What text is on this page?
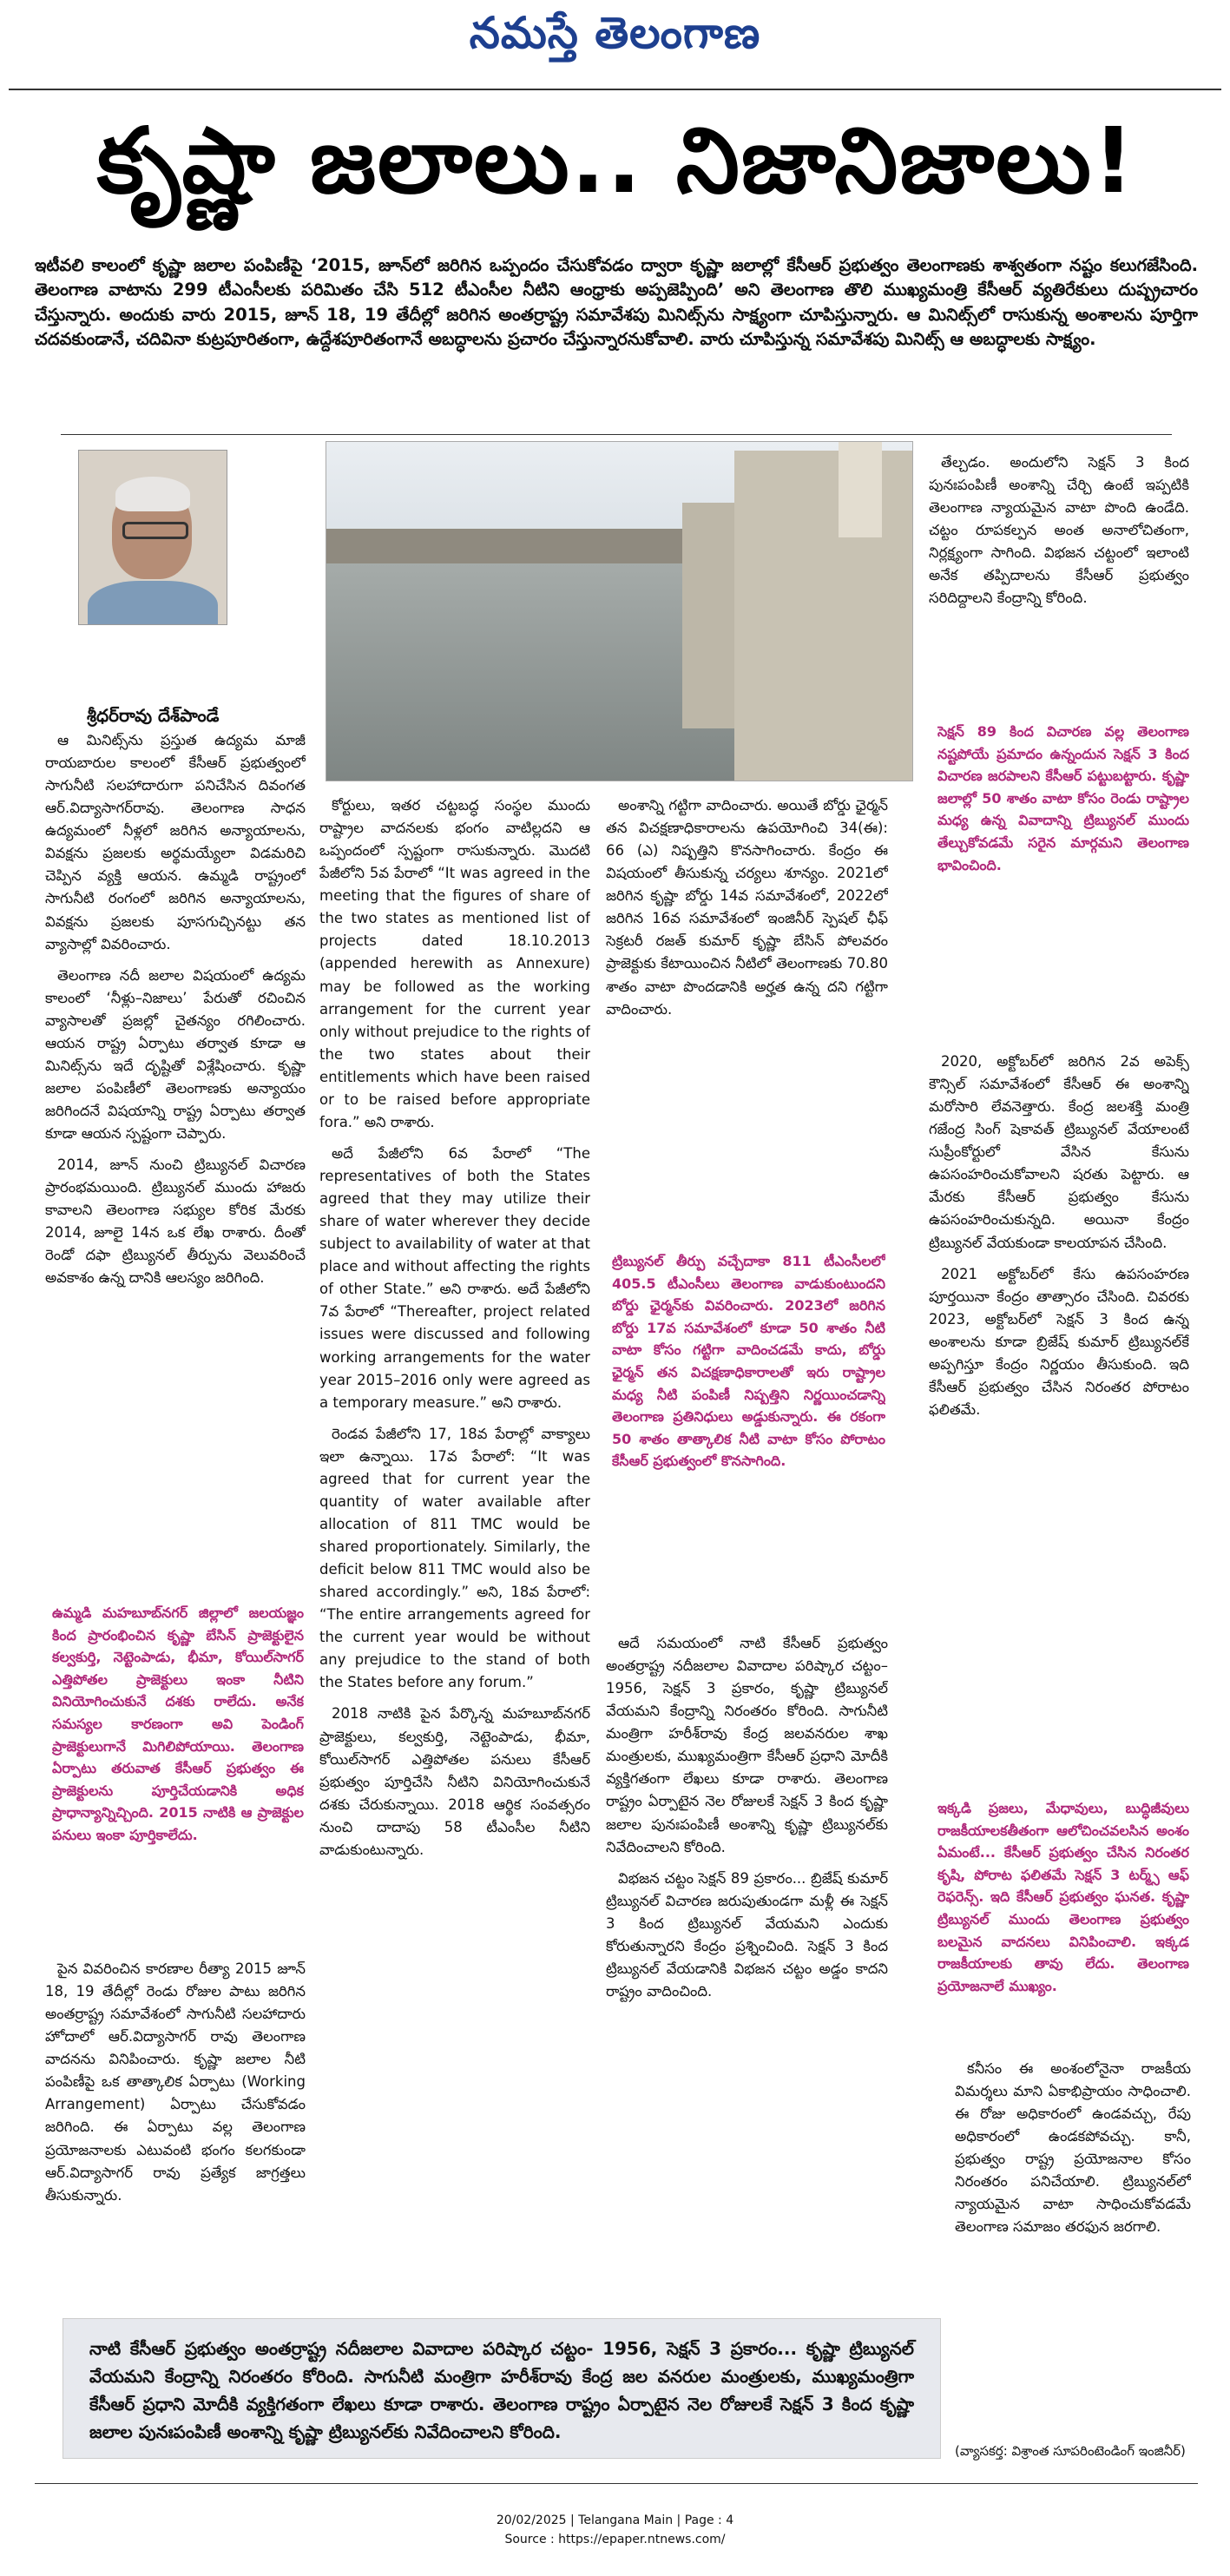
నమస్తే తెలంగాణ
కృష్ణా జలాలు.. నిజానిజాలు!
ఇటీవలి కాలంలో కృష్ణా జలాల పంపిణీపై ‘2015, జూన్‌లో జరిగిన ఒప్పందం చేసుకోవడం ద్వారా కృష్ణా జలాల్లో కేసీఆర్ ప్రభుత్వం తెలంగాణకు శాశ్వతంగా నష్టం కలుగజేసింది. తెలంగాణ వాటాను 299 టీఎంసీలకు పరిమితం చేసి 512 టీఎంసీల నీటిని ఆంధ్రాకు అప్పజెప్పింది’ అని తెలంగాణ తొలి ముఖ్యమంత్రి కేసీఆర్ వ్యతిరేకులు దుష్ప్రచారం చేస్తున్నారు. అందుకు వారు 2015, జూన్ 18, 19 తేదీల్లో జరిగిన అంతర్రాష్ట్ర సమావేశపు మినిట్స్‌ను సాక్ష్యంగా చూపిస్తున్నారు. ఆ మినిట్స్‌లో రాసుకున్న అంశాలను పూర్తిగా చదవకుండానే, చదివినా కుట్రపూరితంగా, ఉద్దేశపూరితంగానే అబద్ధాలను ప్రచారం చేస్తున్నారనుకోవాలి. వారు చూపిస్తున్న సమావేశపు మినిట్స్ ఆ అబద్ధాలకు సాక్ష్యం.
శ్రీధర్‌రావు దేశ్‌పాండే

ఆ మినిట్స్‌ను ప్రస్తుత ఉద్యమ మాజీ రాయబారుల కాలంలో కేసీఆర్ ప్రభుత్వంలో సాగునీటి సలహాదారుగా పనిచేసిన దివంగత ఆర్.విద్యాసాగర్‌రావు. తెలంగాణ సాధన ఉద్యమంలో నీళ్లలో జరిగిన అన్యాయాలను, వివక్షను ప్రజలకు అర్థమయ్యేలా విడమరిచి చెప్పిన వ్యక్తి ఆయన. ఉమ్మడి రాష్ట్రంలో సాగునీటి రంగంలో జరిగిన అన్యాయాలను, వివక్షను ప్రజలకు పూసగుచ్చినట్టు తన వ్యాసాల్లో వివరించారు.

తెలంగాణ నదీ జలాల విషయంలో ఉద్యమ కాలంలో ‘నీళ్లు–నిజాలు’ పేరుతో రచించిన వ్యాసాలతో ప్రజల్లో చైతన్యం రగిలించారు. ఆయన రాష్ట్ర ఏర్పాటు తర్వాత కూడా ఆ మినిట్స్‌ను ఇదే దృష్టితో విశ్లేషించారు. కృష్ణా జలాల పంపిణీలో తెలంగాణకు అన్యాయం జరిగిందనే విషయాన్ని రాష్ట్ర ఏర్పాటు తర్వాత కూడా ఆయన స్పష్టంగా చెప్పారు.

2014, జూన్ నుంచి ట్రిబ్యునల్ విచారణ ప్రారంభమయింది. ట్రిబ్యునల్ ముందు హాజరు కావాలని తెలంగాణ సభ్యుల కోరిక మేరకు 2014, జూలై 14న ఒక లేఖ రాశారు. దీంతో రెండో దఫా ట్రిబ్యునల్ తీర్పును వెలువరించే అవకాశం ఉన్న దానికి ఆలస్యం జరిగింది.

ఉమ్మడి మహబూబ్‌నగర్ జిల్లాలో జలయజ్ఞం కింద ప్రారంభించిన కృష్ణా బేసిన్ ప్రాజెక్టులైన కల్వకుర్తి, నెట్టెంపాడు, భీమా, కోయిల్‌సాగర్ ఎత్తిపోతల ప్రాజెక్టులు ఇంకా నీటిని వినియోగించుకునే దశకు రాలేదు. అనేక సమస్యల కారణంగా అవి పెండింగ్ ప్రాజెక్టులుగానే మిగిలిపోయాయి. తెలంగాణ ఏర్పాటు తరువాత కేసీఆర్ ప్రభుత్వం ఈ ప్రాజెక్టులను పూర్తిచేయడానికి అధిక ప్రాధాన్యాన్నిచ్చింది. 2015 నాటికి ఆ ప్రాజెక్టుల పనులు ఇంకా పూర్తికాలేదు.

పైన వివరించిన కారణాల రీత్యా 2015 జూన్ 18, 19 తేదీల్లో రెండు రోజుల పాటు జరిగిన అంతర్రాష్ట్ర సమావేశంలో సాగునీటి సలహాదారు హోదాలో ఆర్.విద్యాసాగర్ రావు తెలంగాణ వాదనను వినిపించారు. కృష్ణా జలాల నీటి పంపిణీపై ఒక తాత్కాలిక ఏర్పాటు (Working Arrangement) ఏర్పాటు చేసుకోవడం జరిగింది. ఈ ఏర్పాటు వల్ల తెలంగాణ ప్రయోజనాలకు ఎటువంటి భంగం కలగకుండా ఆర్.విద్యాసాగర్ రావు ప్రత్యేక జాగ్రత్తలు తీసుకున్నారు.

కోర్టులు, ఇతర చట్టబద్ధ సంస్థల ముందు రాష్ట్రాల వాదనలకు భంగం వాటిల్లదని ఆ ఒప్పందంలో స్పష్టంగా రాసుకున్నారు. మొదటి పేజీలోని 5వ పేరాలో “It was agreed in the meeting that the figures of share of the two states as mentioned list of projects dated 18.10.2013 (appended herewith as Annexure) may be followed as the working arrangement for the current year only without prejudice to the rights of the two states about their entitlements which have been raised or to be raised before appropriate fora.” అని రాశారు.

అదే పేజీలోని 6వ పేరాలో “The representatives of both the States agreed that they may utilize their share of water wherever they decide subject to availability of water at that place and without affecting the rights of other State.” అని రాశారు. అదే పేజీలోని 7వ పేరాలో “Thereafter, project related issues were discussed and following working arrangements for the water year 2015–2016 only were agreed as a temporary measure.” అని రాశారు.

రెండవ పేజీలోని 17, 18వ పేరాల్లో వాక్యాలు ఇలా ఉన్నాయి. 17వ పేరాలో: “It was agreed that for current year the quantity of water available after allocation of 811 TMC would be shared proportionately. Similarly, the deficit below 811 TMC would also be shared accordingly.” అని, 18వ పేరాలో: “The entire arrangements agreed for the current year would be without any prejudice to the stand of both the States before any forum.”

2018 నాటికి పైన పేర్కొన్న మహబూబ్‌నగర్ ప్రాజెక్టులు, కల్వకుర్తి, నెట్టెంపాడు, భీమా, కోయిల్‌సాగర్ ఎత్తిపోతల పనులు కేసీఆర్ ప్రభుత్వం పూర్తిచేసి నీటిని వినియోగించుకునే దశకు చేరుకున్నాయి. 2018 ఆర్థిక సంవత్సరం నుంచి దాదాపు 58 టీఎంసీల నీటిని వాడుకుంటున్నారు.

అంశాన్ని గట్టిగా వాదించారు. అయితే బోర్డు ఛైర్మన్ తన విచక్షణాధికారాలను ఉపయోగించి 34(ఈ): 66 (ఎ) నిష్పత్తిని కొనసాగించారు. కేంద్రం ఈ విషయంలో తీసుకున్న చర్యలు శూన్యం. 2021లో జరిగిన కృష్ణా బోర్డు 14వ సమావేశంలో, 2022లో జరిగిన 16వ సమావేశంలో ఇంజినీర్ స్పెషల్ ఛీఫ్ సెక్రటరీ రజత్ కుమార్ కృష్ణా బేసిన్ పోలవరం ప్రాజెక్టుకు కేటాయించిన నీటిలో తెలంగాణకు 70.80 శాతం వాటా పొందడానికి అర్హత ఉన్న దని గట్టిగా వాదించారు.

ట్రిబ్యునల్ తీర్పు వచ్చేదాకా 811 టీఎంసీలలో 405.5 టీఎంసీలు తెలంగాణ వాడుకుంటుందని బోర్డు ఛైర్మన్‌కు వివరించారు. 2023లో జరిగిన బోర్డు 17వ సమావేశంలో కూడా 50 శాతం నీటి వాటా కోసం గట్టిగా వాదించడమే కాదు, బోర్డు ఛైర్మన్ తన విచక్షణాధికారాలతో ఇరు రాష్ట్రాల మధ్య నీటి పంపిణీ నిష్పత్తిని నిర్ణయించడాన్ని తెలంగాణ ప్రతినిధులు అడ్డుకున్నారు. ఈ రకంగా 50 శాతం తాత్కాలిక నీటి వాటా కోసం పోరాటం కేసీఆర్ ప్రభుత్వంలో కొనసాగింది.

ఆదే సమయంలో నాటి కేసీఆర్ ప్రభుత్వం అంతర్రాష్ట్ర నదీజలాల వివాదాల పరిష్కార చట్టం–1956, సెక్షన్ 3 ప్రకారం, కృష్ణా ట్రిబ్యునల్ వేయమని కేంద్రాన్ని నిరంతరం కోరింది. సాగునీటి మంత్రిగా హరీశ్‌రావు కేంద్ర జలవనరుల శాఖ మంత్రులకు, ముఖ్యమంత్రిగా కేసీఆర్ ప్రధాని మోదీకి వ్యక్తిగతంగా లేఖలు కూడా రాశారు. తెలంగాణ రాష్ట్రం ఏర్పాటైన నెల రోజులకే సెక్షన్ 3 కింద కృష్ణా జలాల పునఃపంపిణీ అంశాన్ని కృష్ణా ట్రిబ్యునల్‌కు నివేదించాలని కోరింది.

విభజన చట్టం సెక్షన్ 89 ప్రకారం... బ్రిజేష్ కుమార్ ట్రిబ్యునల్ విచారణ జరుపుతుండగా మళ్లీ ఈ సెక్షన్ 3 కింద ట్రిబ్యునల్ వేయమని ఎందుకు కోరుతున్నారని కేంద్రం ప్రశ్నించింది. సెక్షన్ 3 కింద ట్రిబ్యునల్ వేయడానికి విభజన చట్టం అడ్డం కాదని రాష్ట్రం వాదించింది.

తేల్చడం. అందులోని సెక్షన్ 3 కింద పునఃపంపిణీ అంశాన్ని చేర్చి ఉంటే ఇప్పటికి తెలంగాణ న్యాయమైన వాటా పొంది ఉండేది. చట్టం రూపకల్పన అంత అనాలోచితంగా, నిర్లక్ష్యంగా సాగింది. విభజన చట్టంలో ఇలాంటి అనేక తప్పిదాలను కేసీఆర్ ప్రభుత్వం సరిదిద్దాలని కేంద్రాన్ని కోరింది.

సెక్షన్ 89 కింద విచారణ వల్ల తెలంగాణ నష్టపోయే ప్రమాదం ఉన్నందున సెక్షన్ 3 కింద విచారణ జరపాలని కేసీఆర్ పట్టుబట్టారు. కృష్ణా జలాల్లో 50 శాతం వాటా కోసం రెండు రాష్ట్రాల మధ్య ఉన్న వివాదాన్ని ట్రిబ్యునల్ ముందు తేల్చుకోవడమే సరైన మార్గమని తెలంగాణ భావించింది.

2020, అక్టోబర్‌లో జరిగిన 2వ అపెక్స్ కౌన్సిల్ సమావేశంలో కేసీఆర్ ఈ అంశాన్ని మరోసారి లేవనెత్తారు. కేంద్ర జలశక్తి మంత్రి గజేంద్ర సింగ్ షెకావత్ ట్రిబ్యునల్ వేయాలంటే సుప్రీంకోర్టులో వేసిన కేసును ఉపసంహరించుకోవాలని షరతు పెట్టారు. ఆ మేరకు కేసీఆర్ ప్రభుత్వం కేసును ఉపసంహరించుకున్నది. అయినా కేంద్రం ట్రిబ్యునల్ వేయకుండా కాలయాపన చేసింది.

2021 అక్టోబర్‌లో కేసు ఉపసంహరణ పూర్తయినా కేంద్రం తాత్సారం చేసింది. చివరకు 2023, అక్టోబర్‌లో సెక్షన్ 3 కింద ఉన్న అంశాలను కూడా బ్రిజేష్ కుమార్ ట్రిబ్యునల్‌కే అప్పగిస్తూ కేంద్రం నిర్ణయం తీసుకుంది. ఇది కేసీఆర్ ప్రభుత్వం చేసిన నిరంతర పోరాటం ఫలితమే.

ఇక్కడి ప్రజలు, మేధావులు, బుద్ధిజీవులు రాజకీయాలకతీతంగా ఆలోచించవలసిన అంశం ఏమంటే... కేసీఆర్ ప్రభుత్వం చేసిన నిరంతర కృషి, పోరాట ఫలితమే సెక్షన్ 3 టర్మ్స్ ఆఫ్ రెఫరెన్స్. ఇది కేసీఆర్ ప్రభుత్వం ఘనత. కృష్ణా ట్రిబ్యునల్ ముందు తెలంగాణ ప్రభుత్వం బలమైన వాదనలు వినిపించాలి. ఇక్కడ రాజకీయాలకు తావు లేదు. తెలంగాణ ప్రయోజనాలే ముఖ్యం.

కనీసం ఈ అంశంలోనైనా రాజకీయ విమర్శలు మాని ఏకాభిప్రాయం సాధించాలి. ఈ రోజు అధికారంలో ఉండవచ్చు, రేపు అధికారంలో ఉండకపోవచ్చు. కానీ, ప్రభుత్వం రాష్ట్ర ప్రయోజనాల కోసం నిరంతరం పనిచేయాలి. ట్రిబ్యునల్‌లో న్యాయమైన వాటా సాధించుకోవడమే తెలంగాణ సమాజం తరఫున జరగాలి.

నాటి కేసీఆర్ ప్రభుత్వం అంతర్రాష్ట్ర నదీజలాల వివాదాల పరిష్కార చట్టం- 1956, సెక్షన్ 3 ప్రకారం... కృష్ణా ట్రిబ్యునల్ వేయమని కేంద్రాన్ని నిరంతరం కోరింది. సాగునీటి మంత్రిగా హరీశ్‌రావు కేంద్ర జల వనరుల మంత్రులకు, ముఖ్యమంత్రిగా కేసీఆర్ ప్రధాని మోదీకి వ్యక్తిగతంగా లేఖలు కూడా రాశారు. తెలంగాణ రాష్ట్రం ఏర్పాటైన నెల రోజులకే సెక్షన్ 3 కింద కృష్ణా జలాల పునఃపంపిణీ అంశాన్ని కృష్ణా ట్రిబ్యునల్‌కు నివేదించాలని కోరింది.

(వ్యాసకర్త: విశ్రాంత సూపరింటెండింగ్ ఇంజినీర్)
20/02/2025 | Telangana Main | Page : 4
Source : https://epaper.ntnews.com/
